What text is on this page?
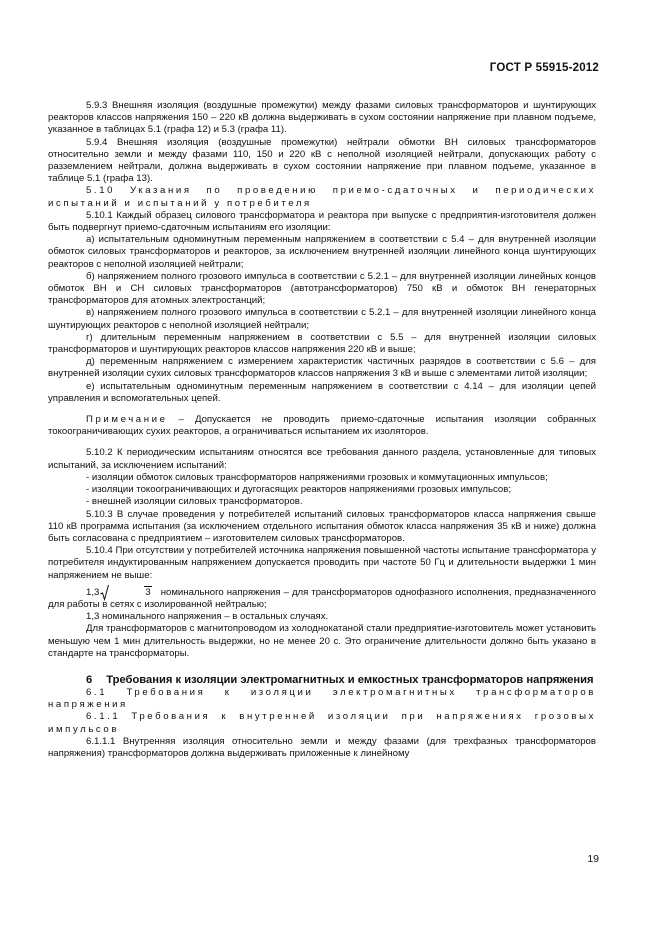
ГОСТ Р 55915-2012

5.9.3 Внешняя изоляция (воздушные промежутки) между фазами силовых трансформаторов и шунтирующих реакторов классов напряжения 150 – 220 кВ должна выдерживать в сухом состоянии напряжение при плавном подъеме, указанное в таблицах 5.1 (графа 12) и 5.3 (графа 11).

5.9.4 Внешняя изоляция (воздушные промежутки) нейтрали обмотки ВН силовых трансформаторов относительно земли и между фазами 110, 150 и 220 кВ с неполной изоляцией нейтрали, допускающих работу с разземлением нейтрали, должна выдерживать в сухом состоянии напряжение при плавном подъеме, указанное в таблице 5.1 (графа 13).

5.10 Указания по проведению приемо-сдаточных и периодических испытаний и испытаний у потребителя

5.10.1 Каждый образец силового трансформатора и реактора при выпуске с предприятия-изготовителя должен быть подвергнут приемо-сдаточным испытаниям его изоляции:

а) испытательным одноминутным переменным напряжением в соответствии с 5.4 – для внутренней изоляции обмоток силовых трансформаторов и реакторов, за исключением внутренней изоляции линейного конца шунтирующих реакторов с неполной изоляцией нейтрали;

б) напряжением полного грозового импульса в соответствии с 5.2.1 – для внутренней изоляции линейных концов обмоток ВН и СН силовых трансформаторов (автотрансформаторов) 750 кВ и обмоток ВН генераторных трансформаторов для атомных электростанций;

в) напряжением полного грозового импульса в соответствии с 5.2.1 – для внутренней изоляции линейного конца шунтирующих реакторов с неполной изоляцией нейтрали;

г) длительным переменным напряжением в соответствии с 5.5 – для внутренней изоляции силовых трансформаторов и шунтирующих реакторов классов напряжения 220 кВ и выше;

д) переменным напряжением с измерением характеристик частичных разрядов в соответствии с 5.6 – для внутренней изоляции сухих силовых трансформаторов классов напряжения 3 кВ и выше с элементами литой изоляции;

е) испытательным одноминутным переменным напряжением в соответствии с 4.14 – для изоляции цепей управления и вспомогательных цепей.

Примечание – Допускается не проводить приемо-сдаточные испытания изоляции собранных токоограничивающих сухих реакторов, а ограничиваться испытанием их изоляторов.

5.10.2 К периодическим испытаниям относятся все требования данного раздела, установленные для типовых испытаний, за исключением испытаний:

- изоляции обмоток силовых трансформаторов напряжениями грозовых и коммутационных импульсов;

- изоляции токоограничивающих и дугогасящих реакторов напряжениями грозовых импульсов;

- внешней изоляции силовых трансформаторов.

5.10.3 В случае проведения у потребителей испытаний силовых трансформаторов класса напряжения свыше 110 кВ программа испытания (за исключением отдельного испытания обмоток класса напряжения 35 кВ и ниже) должна быть согласована с предприятием – изготовителем силовых трансформаторов.

5.10.4 При отсутствии у потребителей источника напряжения повышенной частоты испытание трансформатора у потребителя индуктированным напряжением допускается проводить при частоте 50 Гц и длительности выдержки 1 мин напряжением не выше:

1,3	3 номинального напряжения – для трансформаторов однофазного исполнения, предназначенного для работы в сетях с изолированной нейтралью;

1,3 номинального напряжения – в остальных случаях.

Для трансформаторов с магнитопроводом из холоднокатаной стали предприятие-изготовитель может установить меньшую чем 1 мин длительность выдержки, но не менее 20 с. Это ограничение длительности должно быть указано в стандарте на трансформаторы.

6 Требования к изоляции электромагнитных и емкостных трансформаторов напряжения

6.1 Требования к изоляции электромагнитных трансформаторов напряжения

6.1.1 Требования к внутренней изоляции при напряжениях грозовых импульсов

6.1.1.1 Внутренняя изоляция относительно земли и между фазами (для трехфазных трансформаторов напряжения) трансформаторов должна выдерживать приложенные к линейному

19
